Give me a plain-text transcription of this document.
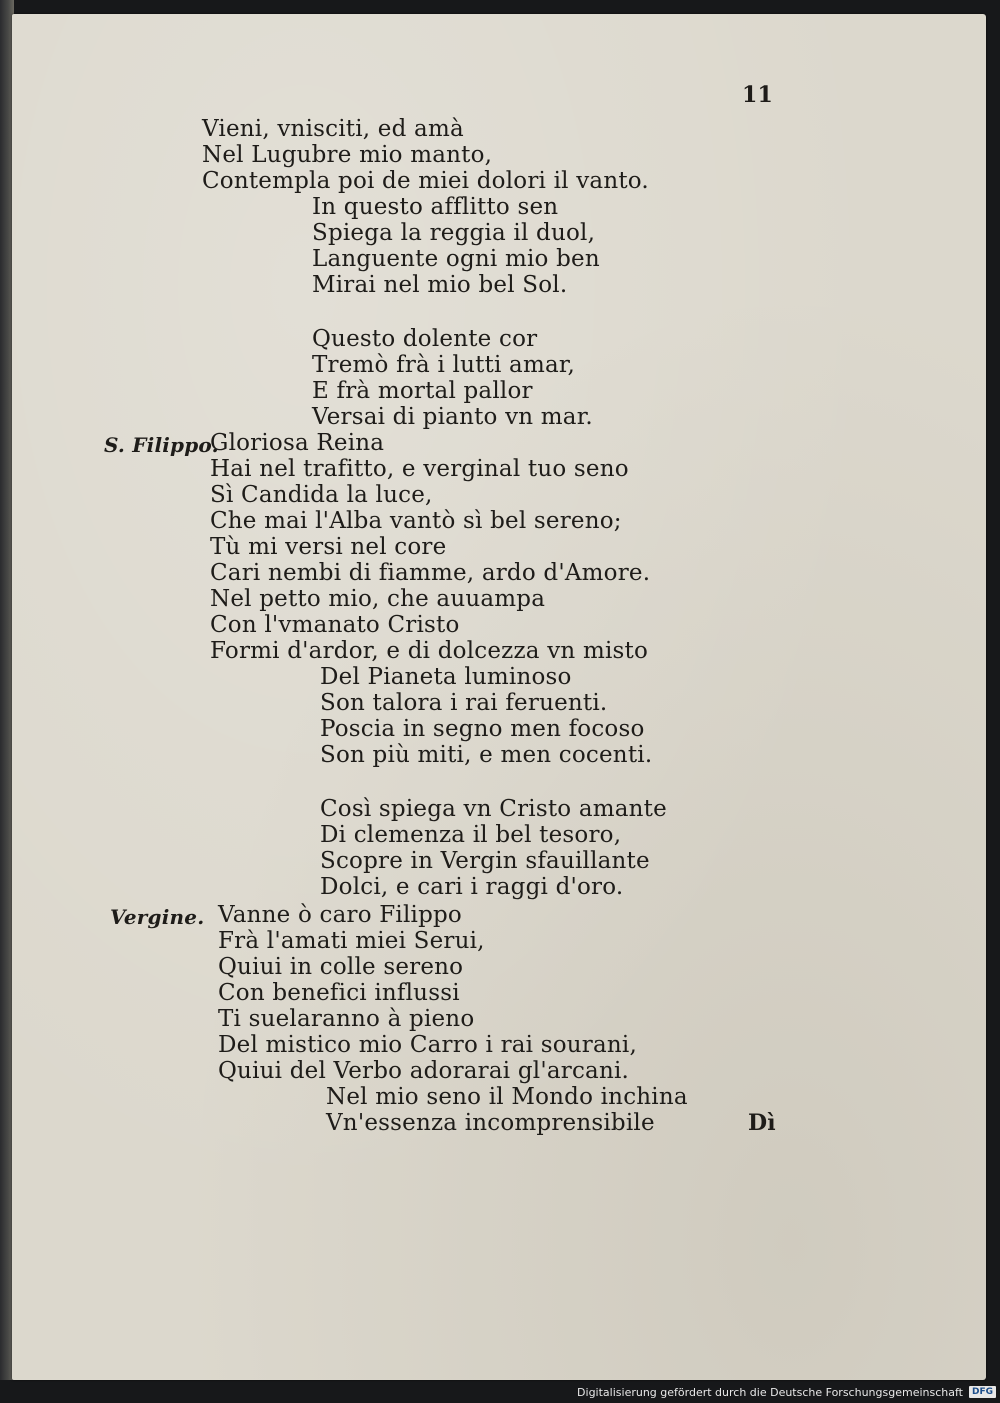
11
Vieni, vnisciti, ed amà
Nel Lugubre mio manto,
Contempla poi de miei dolori il vanto.
In questo afflitto sen
Spiega la reggia il duol,
Languente ogni mio ben
Mirai nel mio bel Sol.
Questo dolente cor
Tremò frà i lutti amar,
E frà mortal pallor
Versai di pianto vn mar.
S. Filippo.
Gloriosa Reina
Hai nel trafitto, e verginal tuo seno
Sì Candida la luce,
Che mai l'Alba vantò sì bel sereno;
Tù mi versi nel core
Cari nembi di fiamme, ardo d'Amore.
Nel petto mio, che auuampa
Con l'vmanato Cristo
Formi d'ardor, e di dolcezza vn misto
Del Pianeta luminoso
Son talora i rai feruenti.
Poscia in segno men focoso
Son più miti, e men cocenti.
Così spiega vn Cristo amante
Di clemenza il bel tesoro,
Scopre in Vergin sfauillante
Dolci, e cari i raggi d'oro.
Vergine. Vanne ò caro Filippo
Frà l'amati miei Serui,
Quiui in colle sereno
Con benefici influssi
Ti suelaranno à pieno
Del mistico mio Carro i rai sourani,
Quiui del Verbo adorarai gl'arcani.
Nel mio seno il Mondo inchina
Vn'essenza incomprensibile	Dì
Digitalisierung gefördert durch die Deutsche Forschungsgemeinschaft	DFG
